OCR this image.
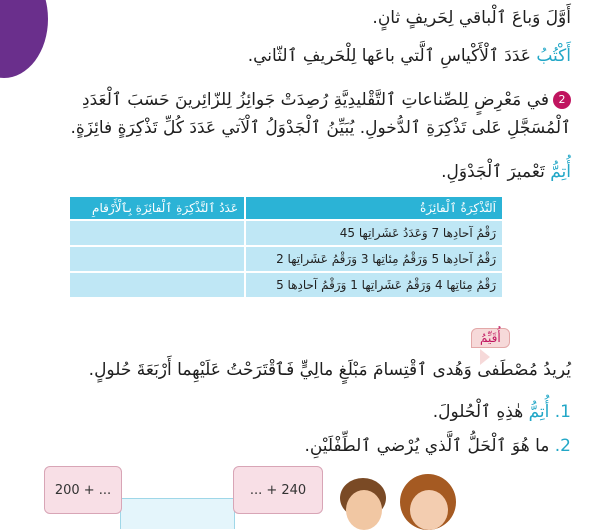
أَوَّلَ وَباعَ ٱلْباقي لِحَريفٍ ثانٍ.
أَكْتُبُ عَدَدَ ٱلْأَكْياسِ ٱلَّتي باعَها لِلْحَريفِ ٱلثّاني.
2في مَعْرِضٍ لِلصِّناعاتِ ٱلتَّقْليدِيَّةِ رُصِدَتْ جَوائِزُ لِلزّائِرينَ حَسَبَ ٱلْعَدَدِ
ٱلْمُسَجَّلِ عَلى تَذْكِرَةِ ٱلدُّخولِ. يُبَيِّنُ ٱلْجَدْوَلُ ٱلْآتي عَدَدَ كُلِّ تَذْكِرَةٍ فائِزَةٍ.
أُتِمُّ تَعْميرَ ٱلْجَدْوَلِ.
اَلتَّذْكِرَةُ ٱلْفائِزَةُ	عَدَدُ ٱلتَّذْكِرَةِ ٱلْفائِزَةِ بِٱلْأَرْقامِ
رَقْمُ آحادِها 7 وَعَدَدُ عَشَراتِها 45	
رَقْمُ آحادِها 5 وَرَقْمُ مِئاتِها 3 وَرَقْمُ عَشَراتِها 2	
رَقْمُ مِئاتِها 4 وَرَقْمُ عَشَراتِها 1 وَرَقْمُ آحادِها 5	
أُقَيِّمُ
يُريدُ مُصْطَفى وَهُدى ٱقْتِسامَ مَبْلَغٍ مالِيٍّ فَٱقْتَرَحْتُ عَلَيْهِما أَرْبَعَةَ حُلولٍ.
1. أُتِمُّ هٰذِهِ ٱلْحُلولَ.
2. ما هُوَ ٱلْحَلُّ ٱلَّذي يُرْضي ٱلطِّفْلَيْنِ.
200 + ...	... + 240
